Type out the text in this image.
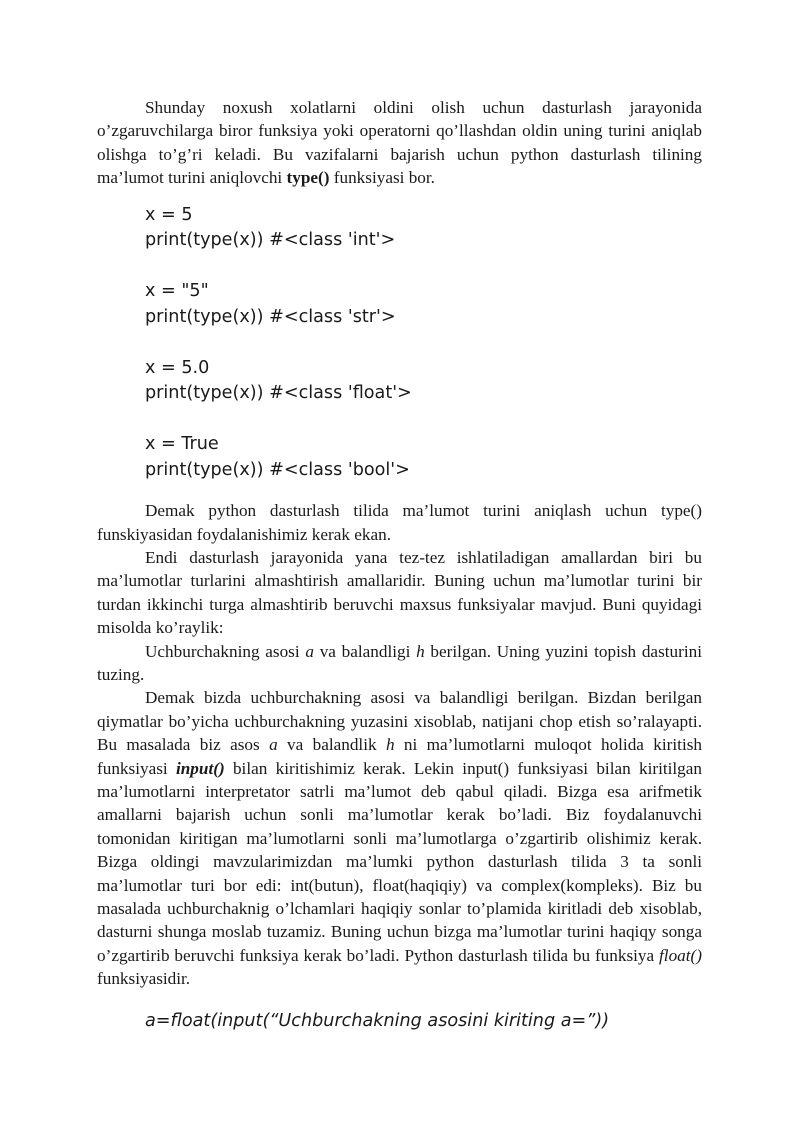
Shunday noxush xolatlarni oldini olish uchun dasturlash jarayonida o’zgaruvchilarga biror funksiya yoki operatorni qo’llashdan oldin uning turini aniqlab olishga to’g’ri keladi. Bu vazifalarni bajarish uchun python dasturlash tilining ma’lumot turini aniqlovchi type() funksiyasi bor.

x = 5
print(type(x)) #<class 'int'>
x = "5"
print(type(x)) #<class 'str'>
x = 5.0
print(type(x)) #<class 'float'>
x = True
print(type(x)) #<class 'bool'>

Demak python dasturlash tilida ma’lumot turini aniqlash uchun type() funskiyasidan foydalanishimiz kerak ekan.

Endi dasturlash jarayonida yana tez-tez ishlatiladigan amallardan biri bu ma’lumotlar turlarini almashtirish amallaridir. Buning uchun ma’lumotlar turini bir turdan ikkinchi turga almashtirib beruvchi maxsus funksiyalar mavjud. Buni quyidagi misolda ko’raylik:

Uchburchakning asosi a va balandligi h berilgan. Uning yuzini topish dasturini tuzing.

Demak bizda uchburchakning asosi va balandligi berilgan. Bizdan berilgan qiymatlar bo’yicha uchburchakning yuzasini xisoblab, natijani chop etish so’ralayapti. Bu masalada biz asos a va balandlik h ni ma’lumotlarni muloqot holida kiritish funksiyasi input() bilan kiritishimiz kerak. Lekin input() funksiyasi bilan kiritilgan ma’lumotlarni interpretator satrli ma’lumot deb qabul qiladi. Bizga esa arifmetik amallarni bajarish uchun sonli ma’lumotlar kerak bo’ladi. Biz foydalanuvchi tomonidan kiritigan ma’lumotlarni sonli ma’lumotlarga o’zgartirib olishimiz kerak. Bizga oldingi mavzularimizdan ma’lumki python dasturlash tilida 3 ta sonli ma’lumotlar turi bor edi: int(butun), float(haqiqiy) va complex(kompleks). Biz bu masalada uchburchaknig o’lchamlari haqiqiy sonlar to’plamida kiritladi deb xisoblab, dasturni shunga moslab tuzamiz. Buning uchun bizga ma’lumotlar turini haqiqy songa o’zgartirib beruvchi funksiya kerak bo’ladi. Python dasturlash tilida bu funksiya float() funksiyasidir.

a=float(input(“Uchburchakning asosini kiriting a=”))
